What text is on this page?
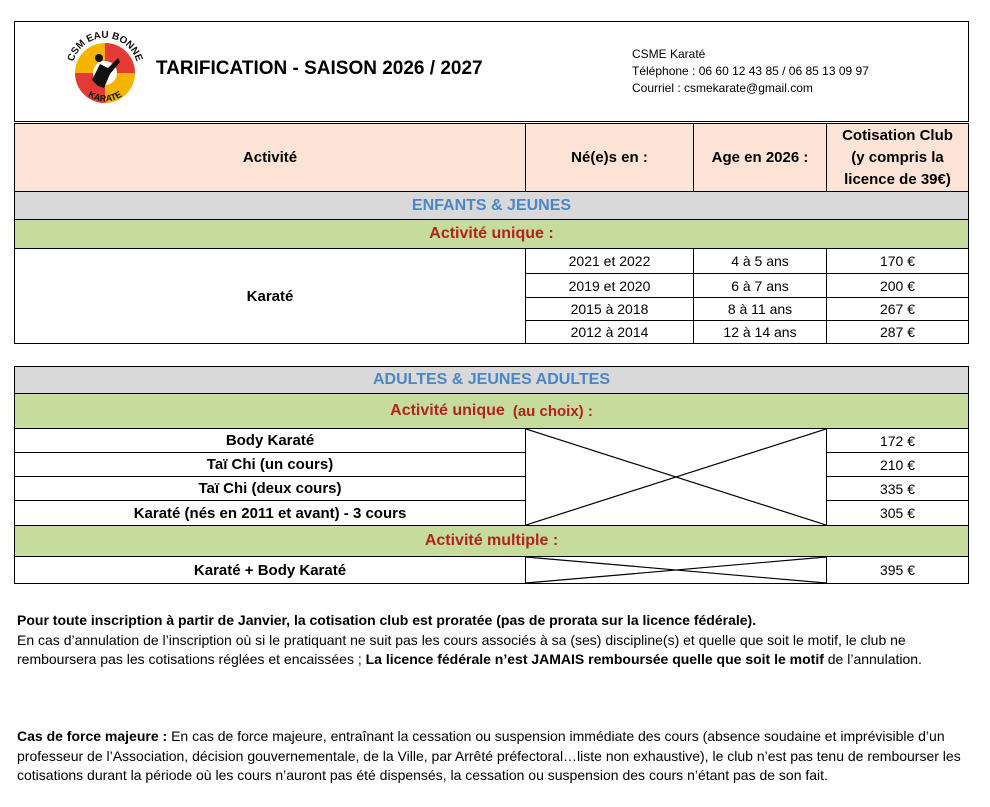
CSM EAU BONNE
KARATE
TARIFICATION - SAISON 2026 / 2027
CSME Karaté
Téléphone : 06 60 12 43 85 / 06 85 13 09 97
Courriel : csmekarate@gmail.com
Activité	Né(e)s en :	Age en 2026 :
Cotisation Club
(y compris la
licence de 39€)
ENFANTS & JEUNES
Activité unique :
Karaté
2021 et 2022	4 à 5 ans	170 €
2019 et 2020	6 à 7 ans	200 €
2015 à 2018	8 à 11 ans	267 €
2012 à 2014	12 à 14 ans	287 €
ADULTES & JEUNES ADULTES
Activité unique (au choix) :
Body Karaté	172 €
Taï Chi (un cours)	210 €
Taï Chi (deux cours)	335 €
Karaté (nés en 2011 et avant) - 3 cours	305 €
Activité multiple :
Karaté + Body Karaté	395 €
Pour toute inscription à partir de Janvier, la cotisation club est proratée (pas de prorata sur la licence fédérale).
En cas d’annulation de l’inscription où si le pratiquant ne suit pas les cours associés à sa (ses) discipline(s) et quelle que soit le motif, le club ne remboursera pas les cotisations réglées et encaissées ; La licence fédérale n’est JAMAIS remboursée quelle que soit le motif de l’annulation.
Cas de force majeure : En cas de force majeure, entraînant la cessation ou suspension immédiate des cours (absence soudaine et imprévisible d’un professeur de l’Association, décision gouvernementale, de la Ville, par Arrêté préfectoral…liste non exhaustive), le club n’est pas tenu de rembourser les cotisations durant la période où les cours n’auront pas été dispensés, la cessation ou suspension des cours n’étant pas de son fait.
